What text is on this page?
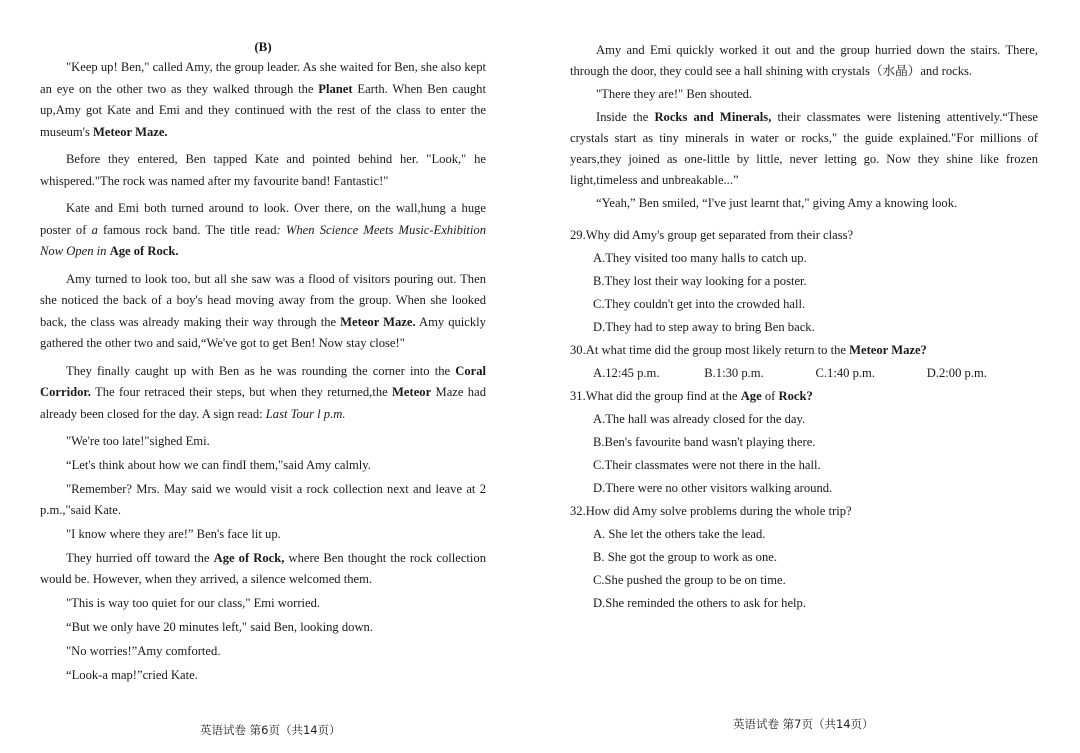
(B)

"Keep up! Ben," called Amy, the group leader. As she waited for Ben, she also kept an eye on the other two as they walked through the Planet Earth. When Ben caught up,Amy got Kate and Emi and they continued with the rest of the class to enter the museum's Meteor Maze.

Before they entered, Ben tapped Kate and pointed behind her. "Look," he whispered."The rock was named after my favourite band! Fantastic!"

Kate and Emi both turned around to look. Over there, on the wall,hung a huge poster of a famous rock band. The title read: When Science Meets Music-Exhibition Now Open in Age of Rock.

Amy turned to look too, but all she saw was a flood of visitors pouring out. Then she noticed the back of a boy's head moving away from the group. When she looked back, the class was already making their way through the Meteor Maze. Amy quickly gathered the other two and said,“We've got to get Ben! Now stay close!"

They finally caught up with Ben as he was rounding the corner into the Coral Corridor. The four retraced their steps, but when they returned,the Meteor Maze had already been closed for the day. A sign read: Last Tour l p.m.

"We're too late!"sighed Emi.

“Let's think about how we can findI them,"said Amy calmly.

"Remember? Mrs. May said we would visit a rock collection next and leave at 2 p.m.,"said Kate.

"I know where they are!” Ben's face lit up.

They hurried off toward the Age of Rock, where Ben thought the rock collection would be. However, when they arrived, a silence welcomed them.

"This is way too quiet for our class," Emi worried.

“But we only have 20 minutes left," said Ben, looking down.

"No worries!”Amy comforted.

“Look-a map!”cried Kate.

英语试卷 第6页（共14页）

Amy and Emi quickly worked it out and the group hurried down the stairs. There, through the door, they could see a hall shining with crystals（水晶）and rocks.

"There they are!" Ben shouted.

Inside the Rocks and Minerals, their classmates were listening attentively.“These crystals start as tiny minerals in water or rocks," the guide explained."For millions of years,they joined as one-little by little, never letting go. Now they shine like frozen light,timeless and unbreakable...”

“Yeah,” Ben smiled, “I've just learnt that," giving Amy a knowing look.

29.Why did Amy's group get separated from their class?
A.They visited too many halls to catch up.
B.They lost their way looking for a poster.
C.They couldn't get into the crowded hall.
D.They had to step away to bring Ben back.
30.At what time did the group most likely return to the Meteor Maze?
A.12:45 p.m.	B.1:30 p.m.	C.1:40 p.m.	D.2:00 p.m.
31.What did the group find at the Age of Rock?
A.The hall was already closed for the day.
B.Ben's favourite band wasn't playing there.
C.Their classmates were not there in the hall.
D.There were no other visitors walking around.
32.How did Amy solve problems during the whole trip?
A. She let the others take the lead.
B. She got the group to work as one.
C.She pushed the group to be on time.
D.She reminded the others to ask for help.
英语试卷 第7页（共14页）
